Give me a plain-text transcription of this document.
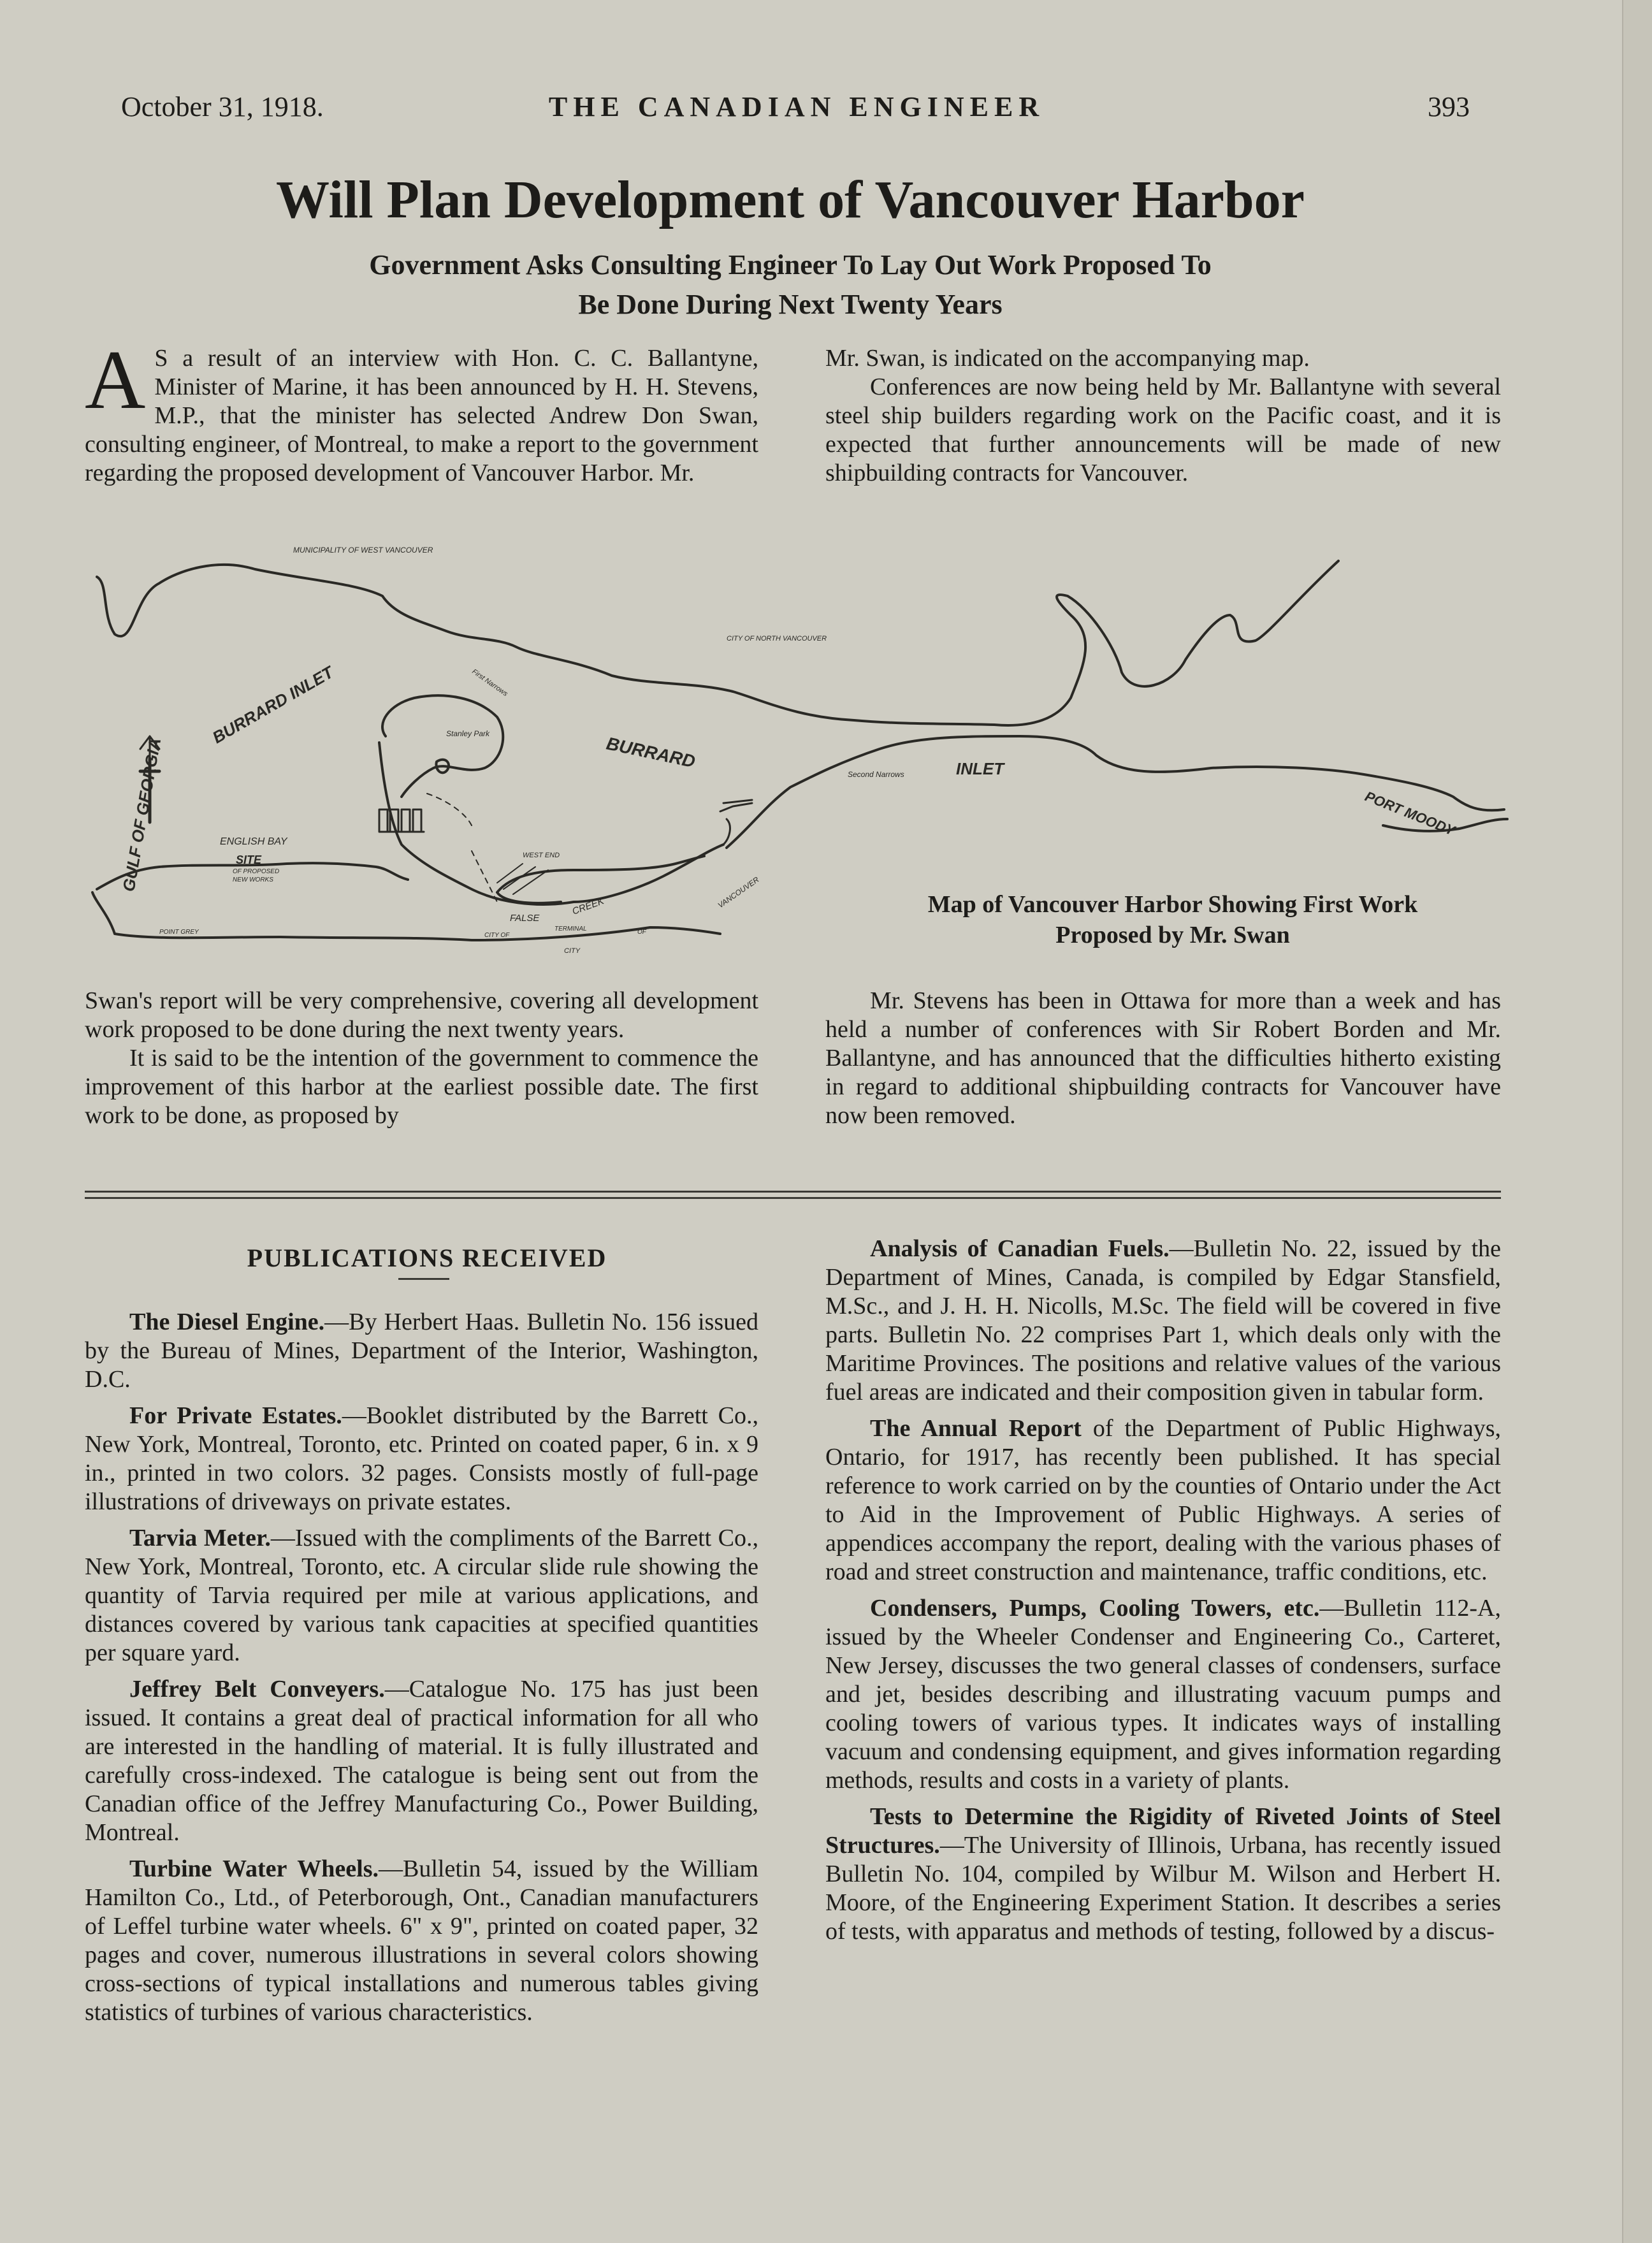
October 31, 1918.	THE CANADIAN ENGINEER	393
Will Plan Development of Vancouver Harbor
Government Asks Consulting Engineer To Lay Out Work Proposed To
Be Done During Next Twenty Years

A S a result of an interview with Hon. C. C. Ballantyne, Minister of Marine, it has been announced by H. H. Stevens, M.P., that the minister has selected Andrew Don Swan, consulting engineer, of Montreal, to make a report to the government regarding the proposed development of Vancouver Harbor. Mr.

Mr. Swan, is indicated on the accompanying map.

Conferences are now being held by Mr. Ballantyne with several steel ship builders regarding work on the Pacific coast, and it is expected that further announcements will be made of new shipbuilding contracts for Vancouver.

MUNICIPALITY OF WEST VANCOUVER
CITY OF NORTH VANCOUVER
First Narrows
BURRARD INLET
GULF OF GEORGIA
Stanley Park	BURRARD	INLET
Second Narrows
PORT MOODY
ENGLISH BAY
SITE
OF PROPOSED
NEW WORKS
WEST END
FALSE
CREEK	VANCOUVER
POINT GREY	CITY OF
CITY
OF
TERMINAL
Map of Vancouver Harbor Showing First Work
Proposed by Mr. Swan

Swan's report will be very comprehensive, covering all development work proposed to be done during the next twenty years.

It is said to be the intention of the government to commence the improvement of this harbor at the earliest possible date. The first work to be done, as proposed by

Mr. Stevens has been in Ottawa for more than a week and has held a number of conferences with Sir Robert Borden and Mr. Ballantyne, and has announced that the difficulties hitherto existing in regard to additional shipbuilding contracts for Vancouver have now been removed.

PUBLICATIONS RECEIVED

The Diesel Engine.—By Herbert Haas. Bulletin No. 156 issued by the Bureau of Mines, Department of the Interior, Washington, D.C.

For Private Estates.—Booklet distributed by the Barrett Co., New York, Montreal, Toronto, etc. Printed on coated paper, 6 in. x 9 in., printed in two colors. 32 pages. Consists mostly of full-page illustrations of driveways on private estates.

Tarvia Meter.—Issued with the compliments of the Barrett Co., New York, Montreal, Toronto, etc. A circular slide rule showing the quantity of Tarvia required per mile at various applications, and distances covered by various tank capacities at specified quantities per square yard.

Jeffrey Belt Conveyers.—Catalogue No. 175 has just been issued. It contains a great deal of practical information for all who are interested in the handling of material. It is fully illustrated and carefully cross-indexed. The catalogue is being sent out from the Canadian office of the Jeffrey Manufacturing Co., Power Building, Montreal.

Turbine Water Wheels.—Bulletin 54, issued by the William Hamilton Co., Ltd., of Peterborough, Ont., Canadian manufacturers of Leffel turbine water wheels. 6" x 9", printed on coated paper, 32 pages and cover, numerous illustrations in several colors showing cross-sections of typical installations and numerous tables giving statistics of turbines of various characteristics.

Analysis of Canadian Fuels.—Bulletin No. 22, issued by the Department of Mines, Canada, is compiled by Edgar Stansfield, M.Sc., and J. H. H. Nicolls, M.Sc. The field will be covered in five parts. Bulletin No. 22 comprises Part 1, which deals only with the Maritime Provinces. The positions and relative values of the various fuel areas are indicated and their composition given in tabular form.

The Annual Report of the Department of Public Highways, Ontario, for 1917, has recently been published. It has special reference to work carried on by the counties of Ontario under the Act to Aid in the Improvement of Public Highways. A series of appendices accompany the report, dealing with the various phases of road and street construction and maintenance, traffic conditions, etc.

Condensers, Pumps, Cooling Towers, etc.—Bulletin 112-A, issued by the Wheeler Condenser and Engineering Co., Carteret, New Jersey, discusses the two general classes of condensers, surface and jet, besides describing and illustrating vacuum pumps and cooling towers of various types. It indicates ways of installing vacuum and condensing equipment, and gives information regarding methods, results and costs in a variety of plants.

Tests to Determine the Rigidity of Riveted Joints of Steel Structures.—The University of Illinois, Urbana, has recently issued Bulletin No. 104, compiled by Wilbur M. Wilson and Herbert H. Moore, of the Engineering Experiment Station. It describes a series of tests, with apparatus and methods of testing, followed by a discus-
